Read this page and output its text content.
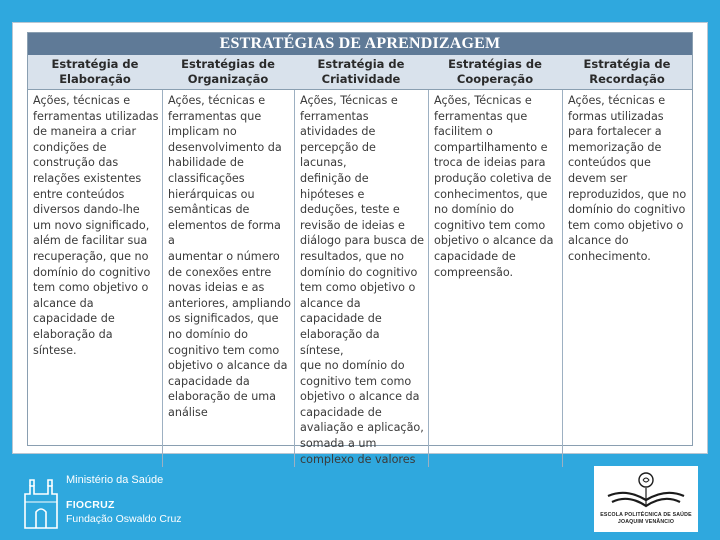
ESTRATÉGIAS DE APRENDIZAGEM
Estratégia de
Elaboração
Estratégias de
Organização
Estratégia de
Criatividade
Estratégias de
Cooperação
Estratégia de
Recordação
Ações, técnicas e
ferramentas utilizadas
de maneira a criar
condições de
construção das
relações existentes
entre conteúdos
diversos dando-lhe
um novo significado,
além de facilitar sua
recuperação, que no
domínio do cognitivo
tem como objetivo o
alcance da
capacidade de
elaboração da síntese.
Ações, técnicas e
ferramentas que
implicam no
desenvolvimento da
habilidade de
classificações
hierárquicas ou
semânticas de
elementos de forma a
aumentar o número
de conexões entre
novas ideias e as
anteriores, ampliando
os significados, que
no domínio do
cognitivo tem como
objetivo o alcance da
capacidade da
elaboração de uma
análise
Ações, Técnicas e
ferramentas
atividades de
percepção de lacunas,
definição de
hipóteses e
deduções, teste e
revisão de ideias e
diálogo para busca de
resultados, que no
domínio do cognitivo
tem como objetivo o
alcance da
capacidade de
elaboração da síntese,
que no domínio do
cognitivo tem como
objetivo o alcance da
capacidade de
avaliação e aplicação,
somada a um
complexo de valores
Ações, Técnicas e
ferramentas que
facilitem o
compartilhamento e
troca de ideias para
produção coletiva de
conhecimentos, que
no domínio do
cognitivo tem como
objetivo o alcance da
capacidade de
compreensão.
Ações, técnicas e
formas utilizadas
para fortalecer a
memorização de
conteúdos que
devem ser
reproduzidos, que no
domínio do cognitivo
tem como objetivo o
alcance do
conhecimento.
Ministério da Saúde
FIOCRUZ
Fundação Oswaldo Cruz	ESCOLA POLITÉCNICA DE SAÚDE
JOAQUIM VENÂNCIO
